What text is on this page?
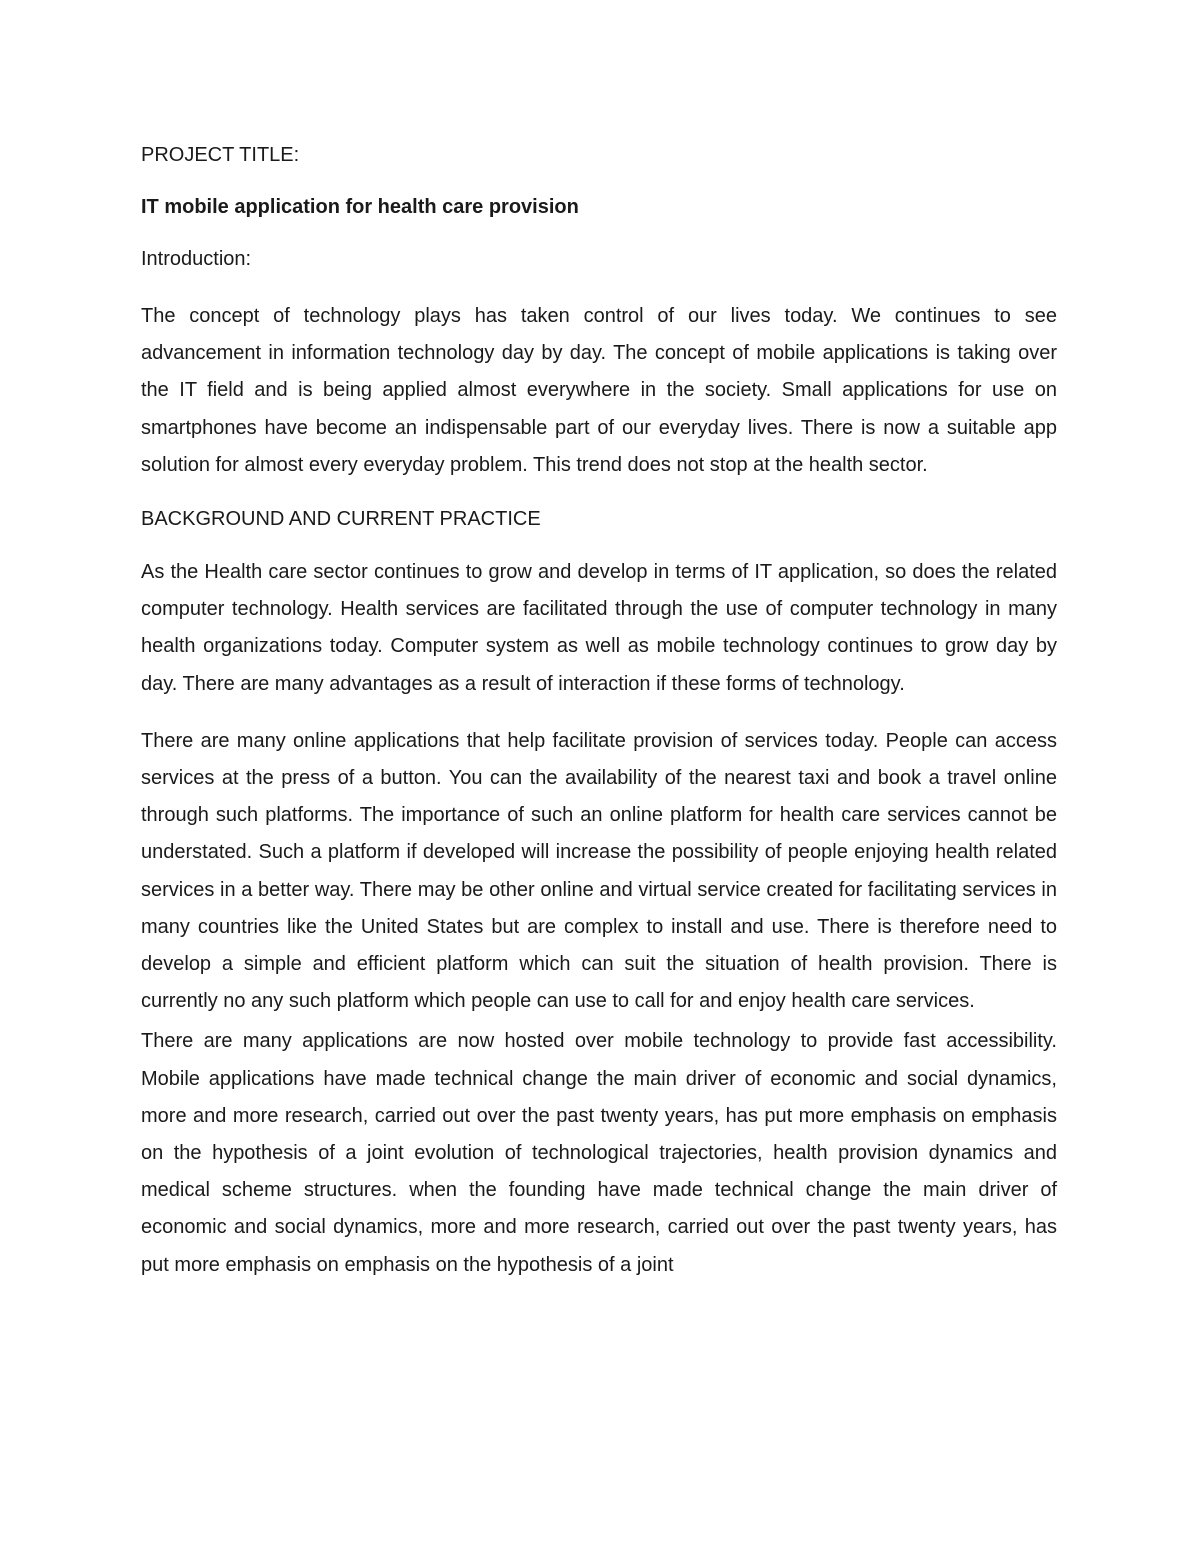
PROJECT TITLE:

IT mobile application for health care provision

Introduction:

The concept of technology plays has taken control of our lives today. We continues to see advancement in information technology day by day. The concept of mobile applications is taking over the IT field and is being applied almost everywhere in the society. Small applications for use on smartphones have become an indispensable part of our everyday lives. There is now a suitable app solution for almost every everyday problem. This trend does not stop at the health sector.

BACKGROUND AND CURRENT PRACTICE

As the Health care sector continues to grow and develop in terms of IT application, so does the related computer technology. Health services are facilitated through the use of computer technology in many health organizations today. Computer system as well as mobile technology continues to grow day by day. There are many advantages as a result of interaction if these forms of technology.

There are many online applications that help facilitate provision of services today. People can access services at the press of a button. You can the availability of the nearest taxi and book a travel online through such platforms. The importance of such an online platform for health care services cannot be understated. Such a platform if developed will increase the possibility of people enjoying health related services in a better way. There may be other online and virtual service created for facilitating services in many countries like the United States but are complex to install and use. There is therefore need to develop a simple and efficient platform which can suit the situation of health provision. There is currently no any such platform which people can use to call for and enjoy health care services.

There are many applications are now hosted over mobile technology to provide fast accessibility. Mobile applications have made technical change the main driver of economic and social dynamics, more and more research, carried out over the past twenty years, has put more emphasis on emphasis on the hypothesis of a joint evolution of technological trajectories, health provision dynamics and medical scheme structures. when the founding have made technical change the main driver of economic and social dynamics, more and more research, carried out over the past twenty years, has put more emphasis on emphasis on the hypothesis of a joint
